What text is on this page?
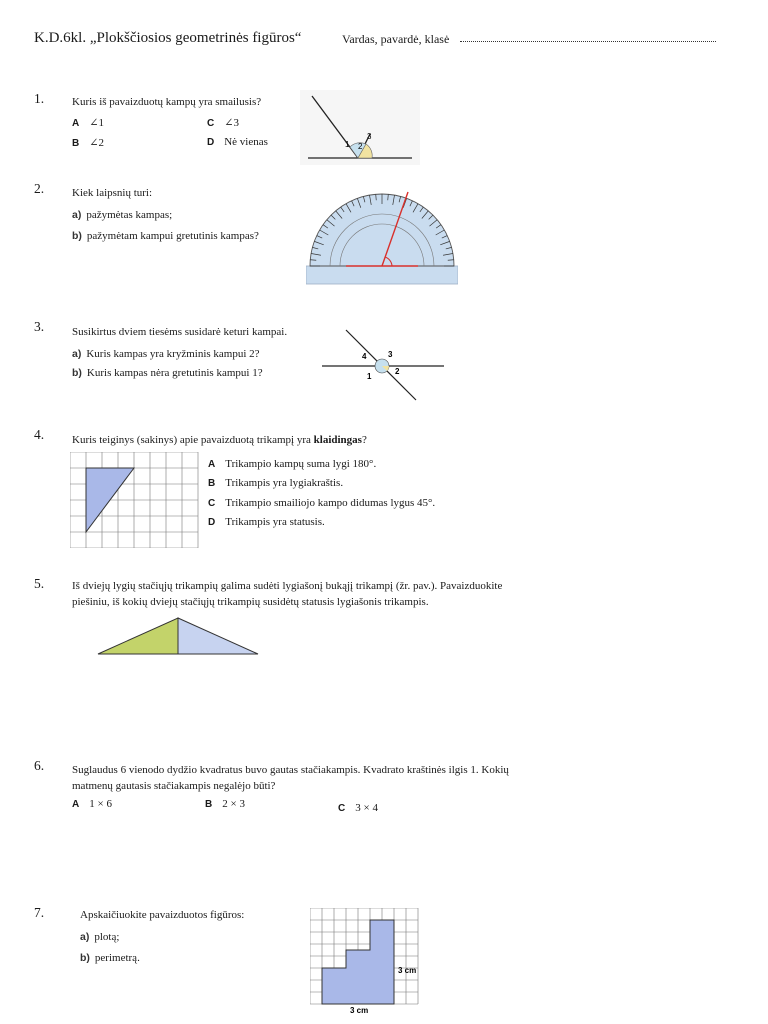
K.D.6kl. „Plokščiosios geometrinės figūros“	Vardas, pavardė, klasė
1.	Kuris iš pavaizduotų kampų yra smailusis?
A ∠1	C ∠3
B ∠2	D Nė vienas	1 2
3
2.	Kiek laipsnių turi:
a) pažymėtas kampas;
b) pažymėtam kampui gretutinis kampas?
3.	Susikirtus dviem tiesėms susidarė keturi kampai.
a) Kuris kampas yra kryžminis kampui 2?
b) Kuris kampas nėra gretutinis kampui 1?
4	3
1
2
4.	Kuris teiginys (sakinys) apie pavaizduotą trikampį yra klaidingas?
A Trikampio kampų suma lygi 180°.
B Trikampis yra lygiakraštis.
C Trikampio smailiojo kampo didumas lygus 45°.
D Trikampis yra statusis.
5.	Iš dviejų lygių stačiųjų trikampių galima sudėti lygiašonį bukąjį trikampį (žr. pav.). Pavaizduokite piešiniu, iš kokių dviejų stačiųjų trikampių susidėtų statusis lygiašonis trikampis.
6.	Suglaudus 6 vienodo dydžio kvadratus buvo gautas stačiakampis. Kvadrato kraštinės ilgis 1. Kokių matmenų gautasis stačiakampis negalėjo būti?
A 1 × 6	B 2 × 3	C 3 × 4
7.	Apskaičiuokite pavaizduotos figūros:
a) plotą;
b) perimetrą.
3 cm
3 cm
